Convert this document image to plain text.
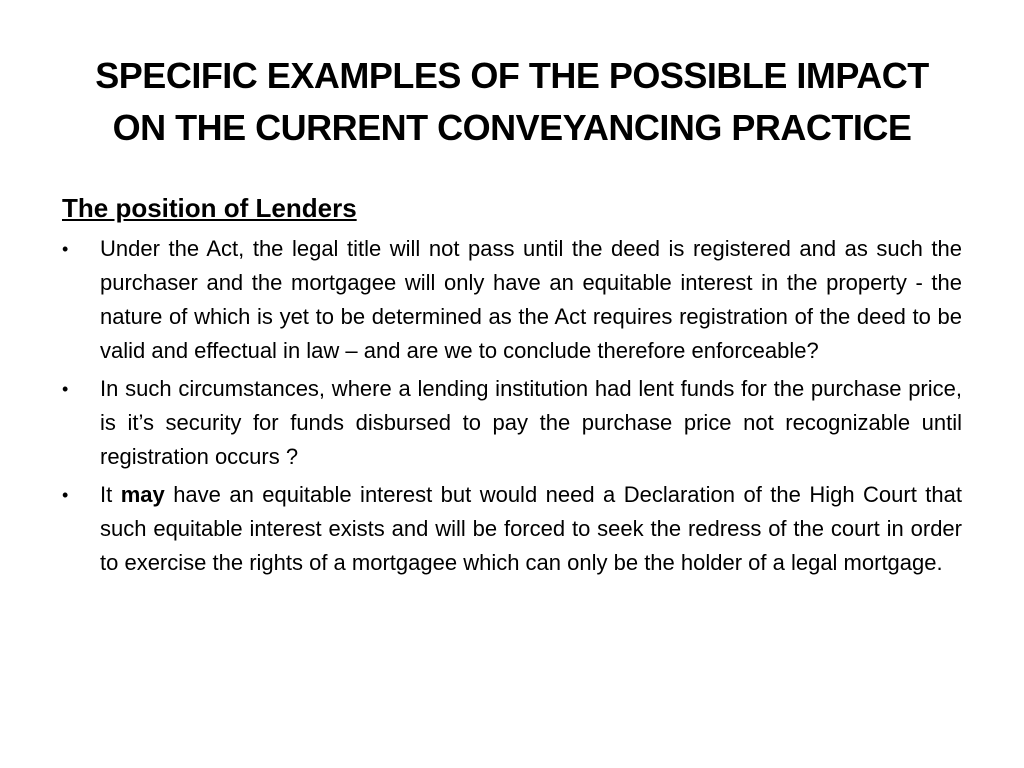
SPECIFIC EXAMPLES OF THE POSSIBLE IMPACT
ON THE CURRENT CONVEYANCING PRACTICE
The position of Lenders
•	Under the Act, the legal title will not pass until the deed is registered and as such the purchaser and the mortgagee will only have an equitable interest in the property - the nature of which is yet to be determined as the Act requires registration of the deed to be valid and effectual in law – and are we to conclude therefore enforceable?
•	In such circumstances, where a lending institution had lent funds for the purchase price, is it’s security for funds disbursed to pay the purchase price not recognizable until registration occurs ?
•	It may have an equitable interest but would need a Declaration of the High Court that such equitable interest exists and will be forced to seek the redress of the court in order to exercise the rights of a mortgagee which can only be the holder of a legal mortgage.
